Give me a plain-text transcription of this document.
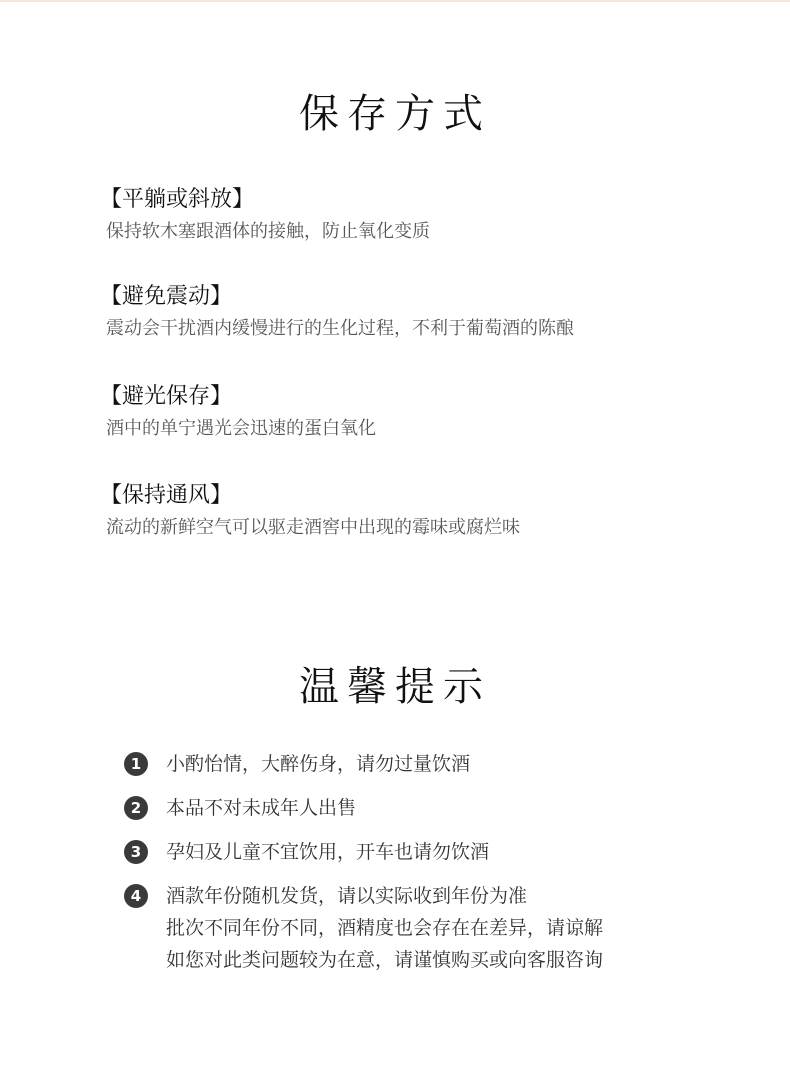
保存方式
【平躺或斜放】
保持软木塞跟酒体的接触，防止氧化变质
【避免震动】
震动会干扰酒内缓慢进行的生化过程，不利于葡萄酒的陈酿
【避光保存】
酒中的单宁遇光会迅速的蛋白氧化
【保持通风】
流动的新鲜空气可以驱走酒窖中出现的霉味或腐烂味
温馨提示
1	小酌怡情，大醉伤身，请勿过量饮酒
2	本品不对未成年人出售
3	孕妇及儿童不宜饮用，开车也请勿饮酒
4	酒款年份随机发货，请以实际收到年份为准
批次不同年份不同，酒精度也会存在在差异，请谅解
如您对此类问题较为在意，请谨慎购买或向客服咨询
